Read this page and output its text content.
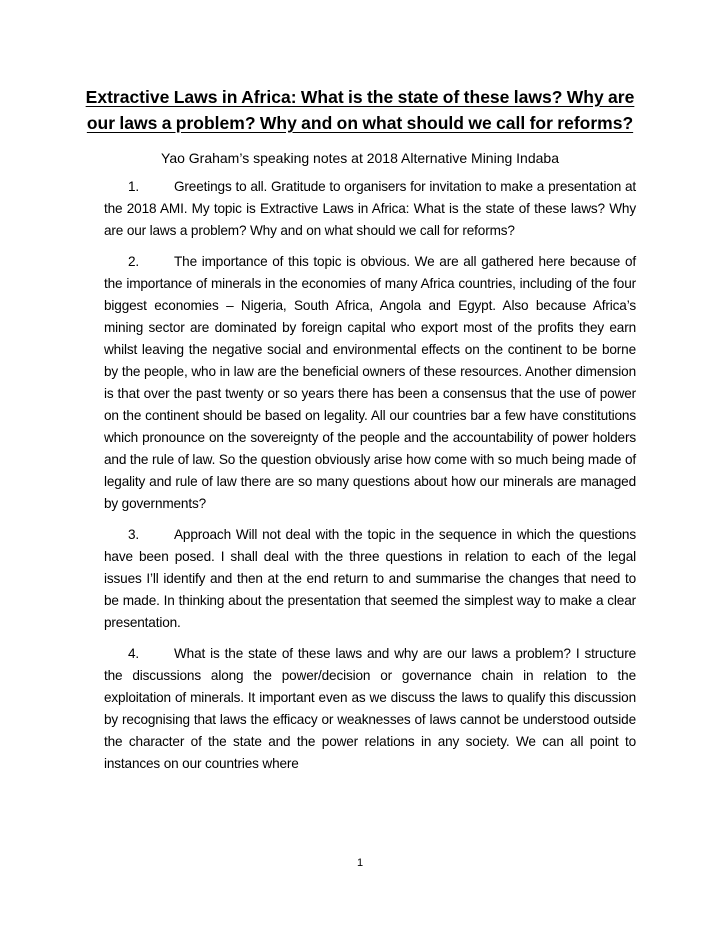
Extractive Laws in Africa: What is the state of these laws? Why are our laws a problem? Why and on what should we call for reforms?
Yao Graham’s speaking notes at 2018 Alternative Mining Indaba

1.	Greetings to all. Gratitude to organisers for invitation to make a presentation at the 2018 AMI. My topic is Extractive Laws in Africa: What is the state of these laws? Why are our laws a problem? Why and on what should we call for reforms?

2.	The importance of this topic is obvious. We are all gathered here because of the importance of minerals in the economies of many Africa countries, including of the four biggest economies – Nigeria, South Africa, Angola and Egypt. Also because Africa’s mining sector are dominated by foreign capital who export most of the profits they earn whilst leaving the negative social and environmental effects on the continent to be borne by the people, who in law are the beneficial owners of these resources. Another dimension is that over the past twenty or so years there has been a consensus that the use of power on the continent should be based on legality. All our countries bar a few have constitutions which pronounce on the sovereignty of the people and the accountability of power holders and the rule of law. So the question obviously arise how come with so much being made of legality and rule of law there are so many questions about how our minerals are managed by governments?

3.	Approach Will not deal with the topic in the sequence in which the questions have been posed. I shall deal with the three questions in relation to each of the legal issues I’ll identify and then at the end return to and summarise the changes that need to be made. In thinking about the presentation that seemed the simplest way to make a clear presentation.

4.	What is the state of these laws and why are our laws a problem? I structure the discussions along the power/decision or governance chain in relation to the exploitation of minerals. It important even as we discuss the laws to qualify this discussion by recognising that laws the efficacy or weaknesses of laws cannot be understood outside the character of the state and the power relations in any society. We can all point to instances on our countries where

1
